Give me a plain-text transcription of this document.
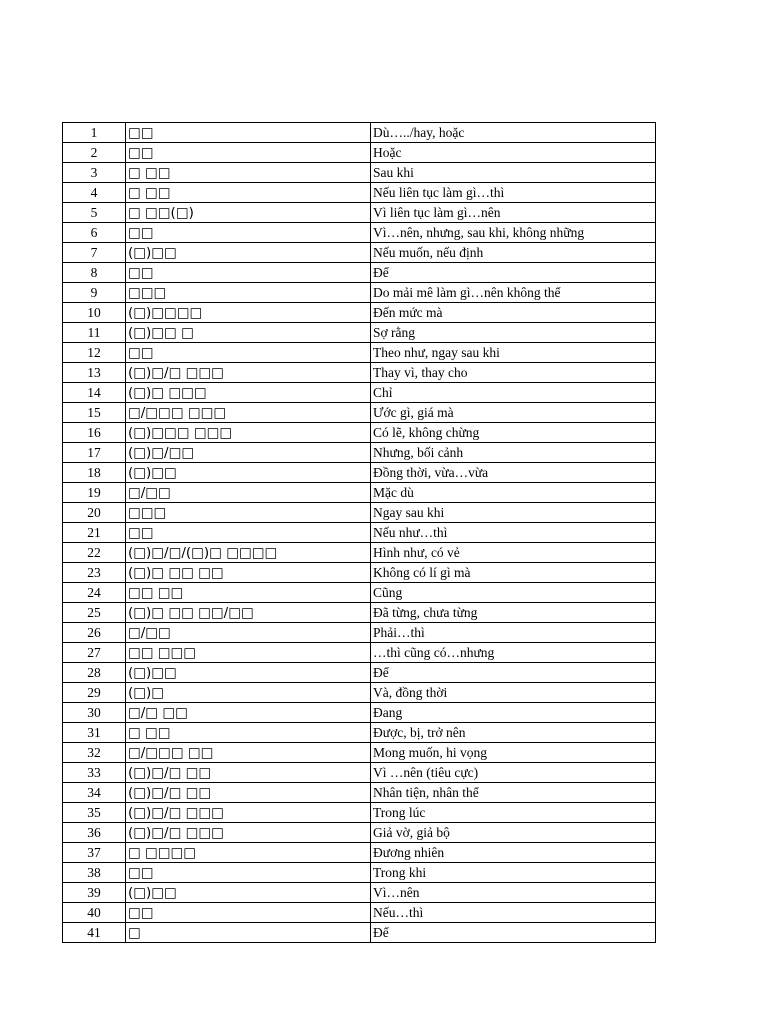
1	□□	Dù…../hay, hoặc
2	□□	Hoặc
3	□ □□	Sau khi
4	□ □□	Nếu liên tục làm gì…thì
5	□ □□(□)	Vì liên tục làm gì…nên
6	□□	Vì…nên, nhưng, sau khi, không những
7	(□)□□	Nếu muốn, nếu định
8	□□	Để
9	□□□	Do mải mê làm gì…nên không thể
10	(□)□□□□	Đến mức mà
11	(□)□□ □	Sợ rằng
12	□□	Theo như, ngay sau khi
13	(□)□/□ □□□	Thay vì, thay cho
14	(□)□ □□□	Chỉ
15	□/□□□ □□□	Ước gì, giá mà
16	(□)□□□ □□□	Có lẽ, không chừng
17	(□)□/□□	Nhưng, bối cảnh
18	(□)□□	Đồng thời, vừa…vừa
19	□/□□	Mặc dù
20	□□□	Ngay sau khi
21	□□	Nếu như…thì
22	(□)□/□/(□)□ □□□□	Hình như, có vẻ
23	(□)□ □□ □□	Không có lí gì mà
24	□□ □□	Cũng
25	(□)□ □□ □□/□□	Đã từng, chưa từng
26	□/□□	Phải…thì
27	□□ □□□	…thì cũng có…nhưng
28	(□)□□	Để
29	(□)□	Và, đồng thời
30	□/□ □□	Đang
31	□ □□	Được, bị, trở nên
32	□/□□□ □□	Mong muốn, hi vọng
33	(□)□/□ □□	Vì …nên (tiêu cực)
34	(□)□/□ □□	Nhân tiện, nhân thể
35	(□)□/□ □□□	Trong lúc
36	(□)□/□ □□□	Giả vờ, giả bộ
37	□ □□□□	Đương nhiên
38	□□	Trong khi
39	(□)□□	Vì…nên
40	□□	Nếu…thì
41	□	Để
